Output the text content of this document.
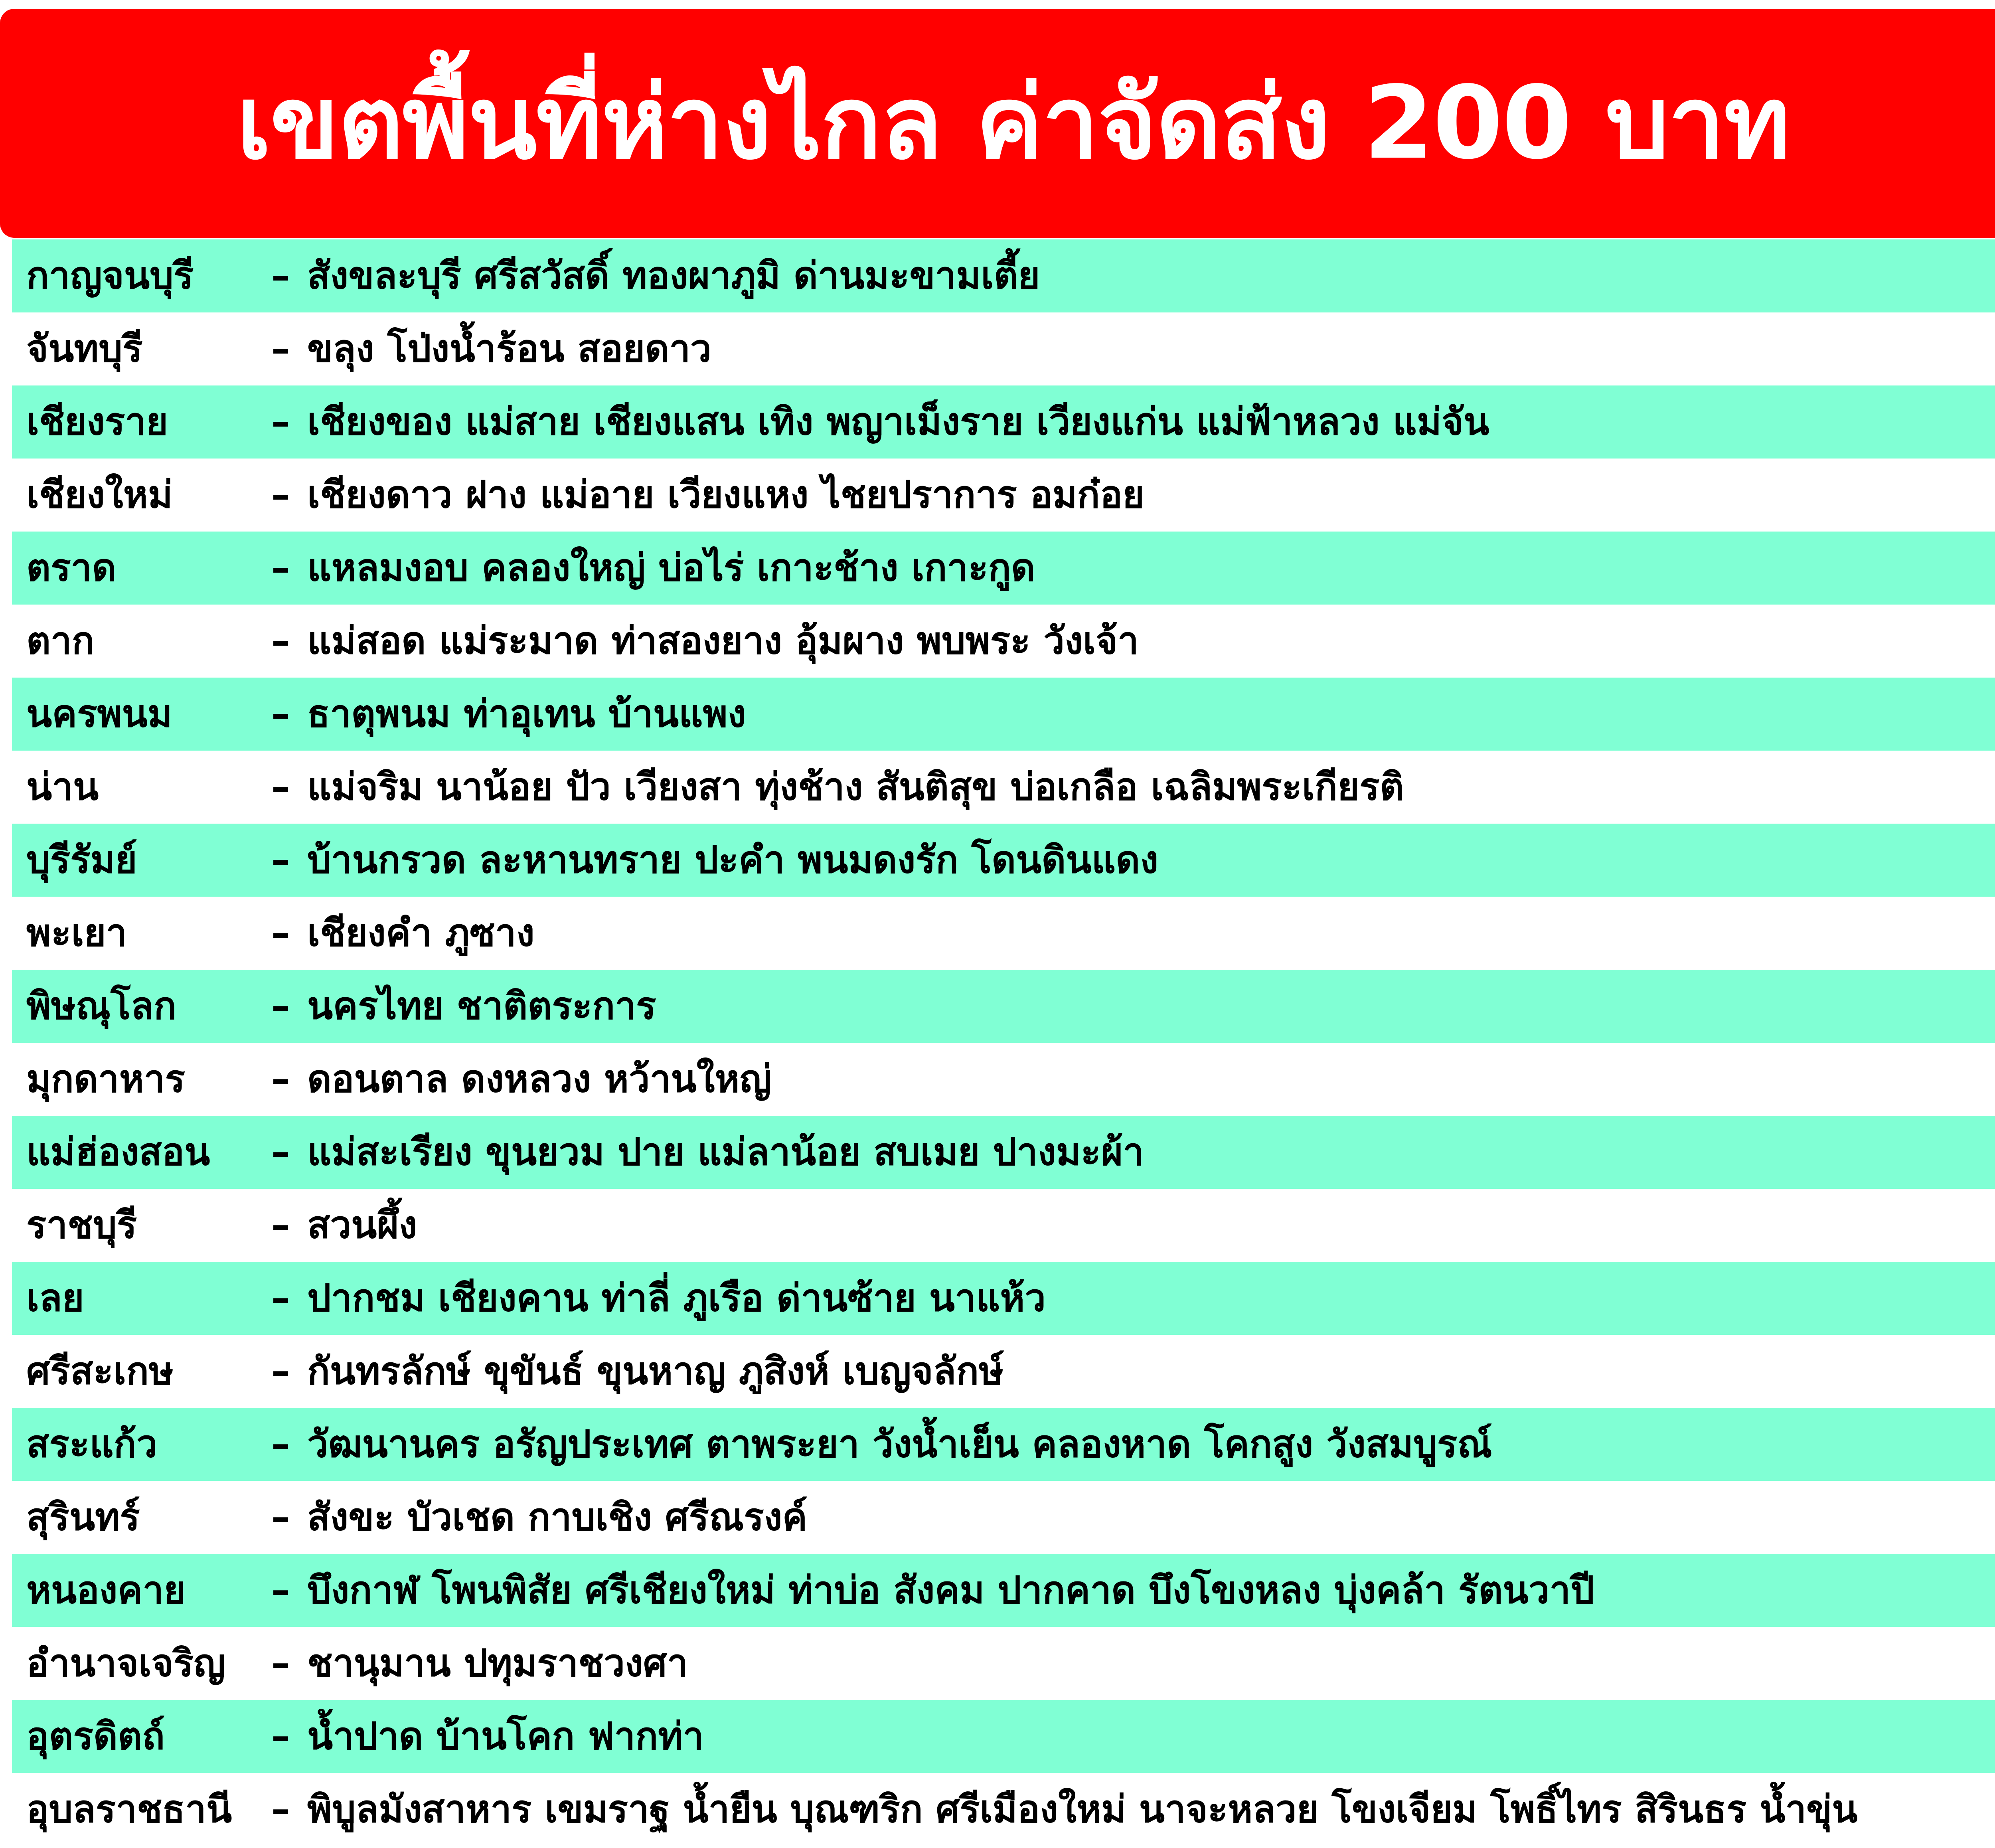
เขตพื้นที่ห่างไกล ค่าจัดส่ง 200 บาท
กาญจนบุรี	– สังขละบุรี ศรีสวัสดิ์ ทองผาภูมิ ด่านมะขามเตี้ย
จันทบุรี	– ขลุง โป่งน้ำร้อน สอยดาว
เชียงราย	– เชียงของ แม่สาย เชียงแสน เทิง พญาเม็งราย เวียงแก่น แม่ฟ้าหลวง แม่จัน
เชียงใหม่	– เชียงดาว ฝาง แม่อาย เวียงแหง ไชยปราการ อมก๋อย
ตราด	– แหลมงอบ คลองใหญ่ บ่อไร่ เกาะช้าง เกาะกูด
ตาก	– แม่สอด แม่ระมาด ท่าสองยาง อุ้มผาง พบพระ วังเจ้า
นครพนม	– ธาตุพนม ท่าอุเทน บ้านแพง
น่าน	– แม่จริม นาน้อย ปัว เวียงสา ทุ่งช้าง สันติสุข บ่อเกลือ เฉลิมพระเกียรติ
บุรีรัมย์	– บ้านกรวด ละหานทราย ปะคำ พนมดงรัก โดนดินแดง
พะเยา	– เชียงคำ ภูซาง
พิษณุโลก	– นครไทย ชาติตระการ
มุกดาหาร	– ดอนตาล ดงหลวง หว้านใหญ่
แม่ฮ่องสอน	– แม่สะเรียง ขุนยวม ปาย แม่ลาน้อย สบเมย ปางมะผ้า
ราชบุรี	– สวนผึ้ง
เลย	– ปากชม เชียงคาน ท่าลี่ ภูเรือ ด่านซ้าย นาแห้ว
ศรีสะเกษ	– กันทรลักษ์ ขุขันธ์ ขุนหาญ ภูสิงห์ เบญจลักษ์
สระแก้ว	– วัฒนานคร อรัญประเทศ ตาพระยา วังน้ำเย็น คลองหาด โคกสูง วังสมบูรณ์
สุรินทร์	– สังขะ บัวเชด กาบเชิง ศรีณรงค์
หนองคาย	– บึงกาฬ โพนพิสัย ศรีเชียงใหม่ ท่าบ่อ สังคม ปากคาด บึงโขงหลง บุ่งคล้า รัตนวาปี
อำนาจเจริญ	– ชานุมาน ปทุมราชวงศา
อุตรดิตถ์	– น้ำปาด บ้านโคก ฟากท่า
อุบลราชธานี	– พิบูลมังสาหาร เขมราฐ น้ำยืน บุณฑริก ศรีเมืองใหม่ นาจะหลวย โขงเจียม โพธิ์ไทร สิรินธร น้ำขุ่น
